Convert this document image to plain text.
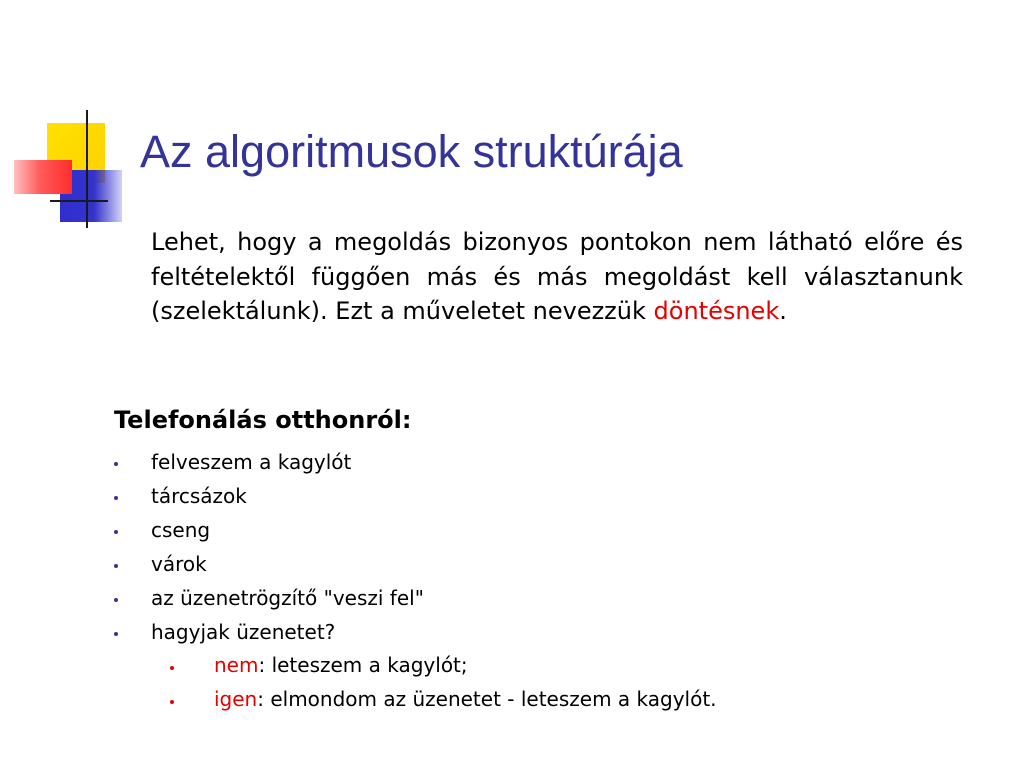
Az algoritmusok struktúrája
Lehet, hogy a megoldás bizonyos pontokon nem látható előre és feltételektől függően más és más megoldást kell választanunk (szelektálunk). Ezt a műveletet nevezzük döntésnek.
Telefonálás otthonról:
felveszem a kagylót
tárcsázok
cseng
várok
az üzenetrögzítő "veszi fel"
hagyjak üzenetet?
nem: leteszem a kagylót;
igen: elmondom az üzenetet - leteszem a kagylót.
